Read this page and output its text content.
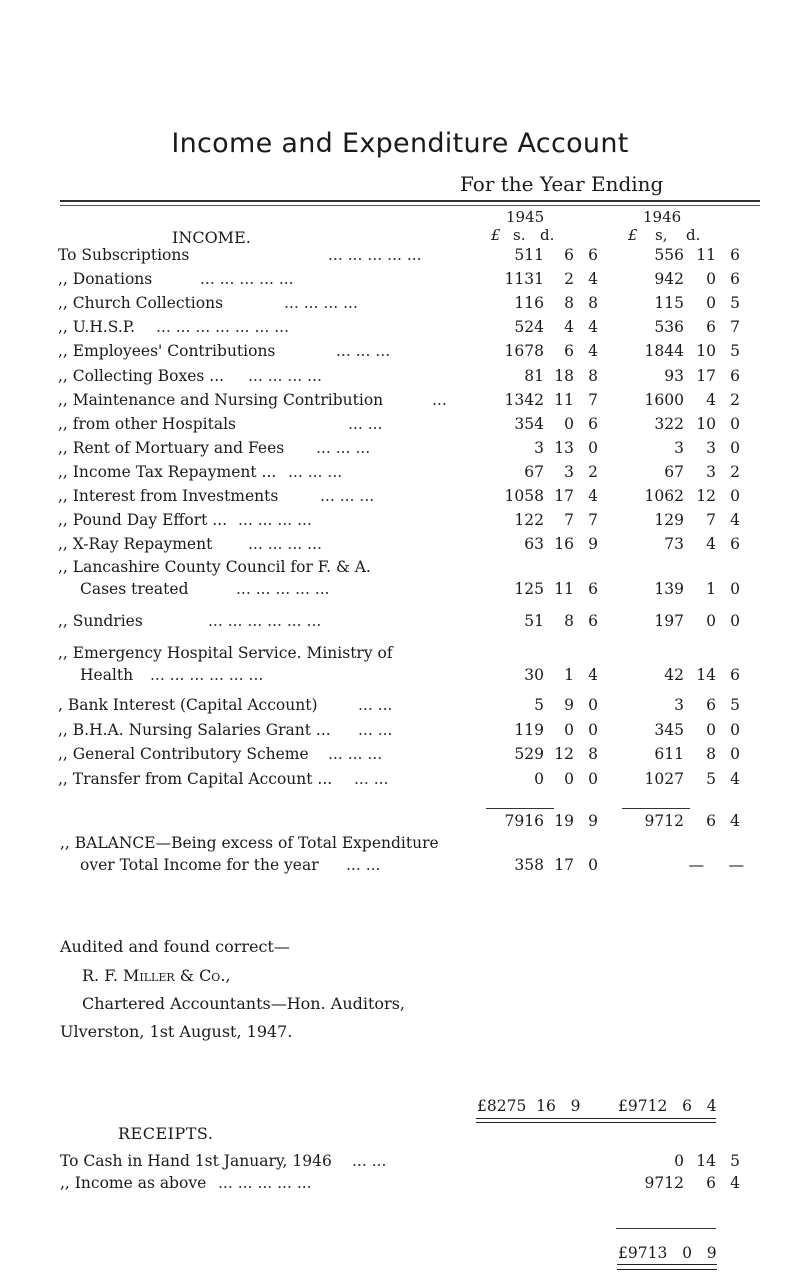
Income and Expenditure Account
For the Year Ending
INCOME.
1945	1946
£ s. d.	£ s, d.
To Subscriptions	... ... ... ... ...	511	6 6	556 11 6
,, Donations	... ... ... ... ...	1131	2 4	942	0 6
,, Church Collections	... ... ... ...	116	8 8	115	0 5
,, U.H.S.P. ... ... ... ... ... ... ...	524	4 4	536	6 7
,, Employees' Contributions	... ... ...	1678	6 4	1844 10 5
,, Collecting Boxes ... ... ... ... ...	81 18 8	93 17 6
,, Maintenance and Nursing Contribution	...	1342 11 7	1600	4 2
,, from other Hospitals	... ...	354	0 6	322 10 0
,, Rent of Mortuary and Fees ... ... ...	3 13 0	3	3 0
,, Income Tax Repayment ... ... ... ...	67	3 2	67	3 2
,, Interest from Investments	... ... ...	1058 17 4	1062 12 0
,, Pound Day Effort ... ... ... ... ...	122	7 7	129	7 4
,, X-Ray Repayment ... ... ... ...	63 16 9	73	4 6
,, Lancashire County Council for F. & A.
Cases treated	... ... ... ... ...	125 11 6	139	1 0
,, Sundries	... ... ... ... ... ...	51	8 6	197	0 0
,, Emergency Hospital Service. Ministry of
Health ... ... ... ... ... ...	30	1 4	42 14 6
, Bank Interest (Capital Account)	... ...	5	9 0	3	6 5
,, B.H.A. Nursing Salaries Grant ... ... ...	119	0 0	345	0 0
,, General Contributory Scheme ... ... ...	529 12 8	611	8 0
,, Transfer from Capital Account ... ... ...	0	0 0	1027	5 4
7916 19 9	9712	6 4
,, BALANCE—Being excess of Total Expenditure
over Total Income for the year ... ...	358 17 0	—	—
Audited and found correct—
R. F. Miller & Co.,
Chartered Accountants—Hon. Auditors,
Ulverston, 1st August, 1947.
£8275  16   9 £9712   6   4
RECEIPTS.
To Cash in Hand 1st January, 1946 ... ...	0 14 5
,, Income as above ... ... ... ... ...	9712	6 4
£9713   0   9
